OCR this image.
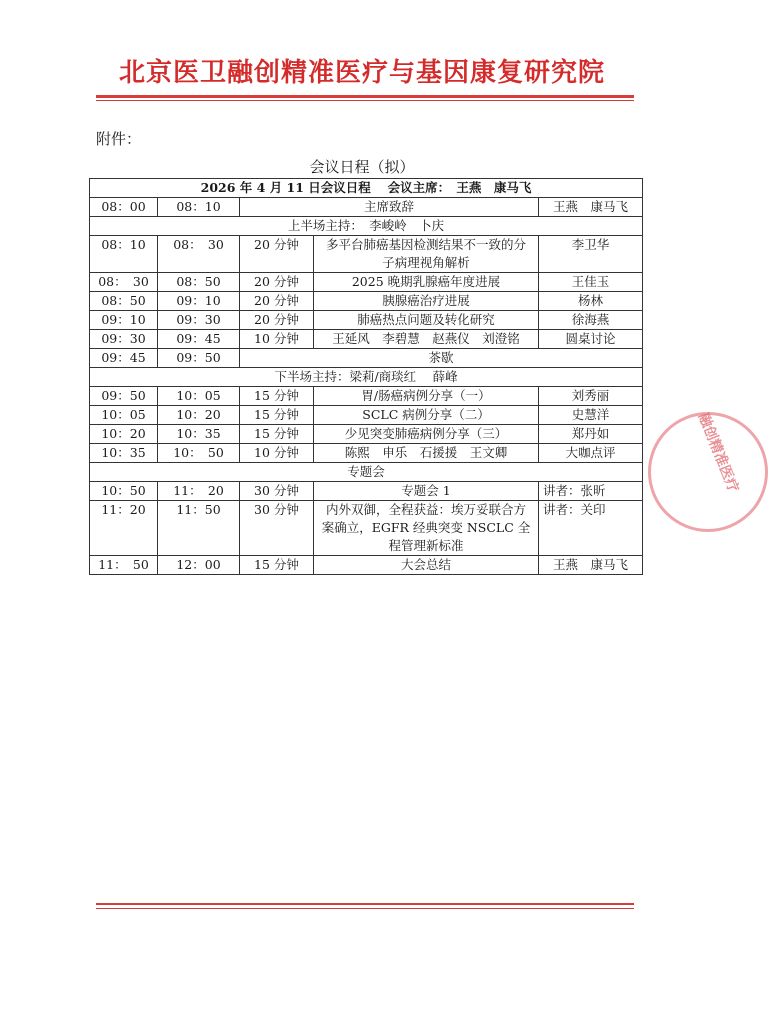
北京医卫融创精准医疗与基因康复研究院
附件：
会议日程（拟）
2026 年 4 月 11 日会议日程　 会议主席：　王燕　康马飞				
08：00	08：10	主席致辞		王燕　康马飞
上半场主持：　李峻岭　卜庆				
08：10	08：　30	20 分钟	多平台肺癌基因检测结果不一致的分子病理视角解析	李卫华
08：　30	08：50	20 分钟	2025 晚期乳腺癌年度进展	王佳玉
08：50	09：10	20 分钟	胰腺癌治疗进展	杨林
09：10	09：30	20 分钟	肺癌热点问题及转化研究	徐海燕
09：30	09：45	10 分钟	王延风　李碧慧　赵燕仪　刘澄铭	圆桌讨论
09：45	09：50	茶歇		
下半场主持：梁莉/商琰红　 薛峰				
09：50	10：05	15 分钟	胃/肠癌病例分享（一）	刘秀丽
10：05	10：20	15 分钟	SCLC 病例分享（二）	史慧洋
10：20	10：35	15 分钟	少见突变肺癌病例分享（三）	郑丹如
10：35	10：　50	10 分钟	陈熙　申乐　石援援　王文卿	大咖点评
专题会				
10：50	11：　20	30 分钟	专题会 1	讲者：张昕
11：20	11：50	30 分钟	内外双御，全程获益：埃万妥联合方案确立，EGFR 经典突变 NSCLC 全程管理新标准	讲者：关印
11：　50	12：00	15 分钟	大会总结	王燕　康马飞
融创精准医疗
